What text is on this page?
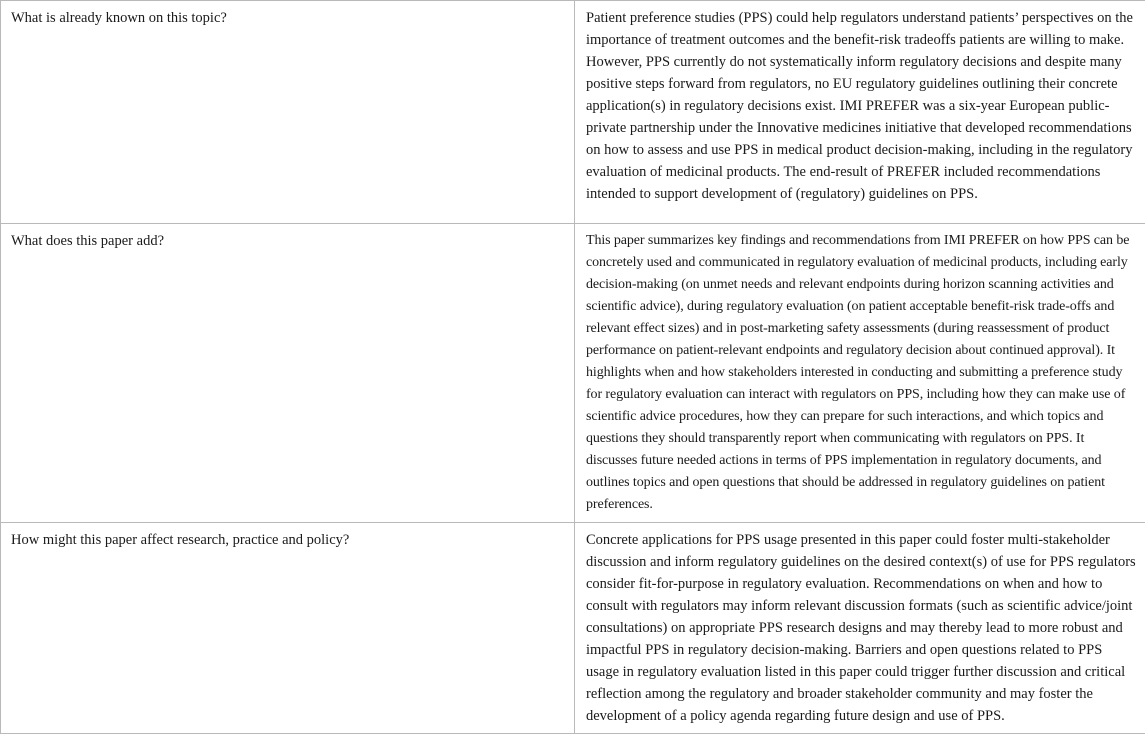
What is already known on this topic?	Patient preference studies (PPS) could help regulators understand patients’ perspectives on the importance of treatment outcomes and the benefit-risk tradeoffs patients are willing to make. However, PPS currently do not systematically inform regulatory decisions and despite many positive steps forward from regulators, no EU regulatory guidelines outlining their concrete application(s) in regulatory decisions exist. IMI PREFER was a six-year European public-private partnership under the Innovative medicines initiative that developed recommendations on how to assess and use PPS in medical product decision-making, including in the regulatory evaluation of medicinal products. The end-result of PREFER included recommendations intended to support development of (regulatory) guidelines on PPS.

What does this paper add?	This paper summarizes key findings and recommendations from IMI PREFER on how PPS can be concretely used and communicated in regulatory evaluation of medicinal products, including early decision-making (on unmet needs and relevant endpoints during horizon scanning activities and scientific advice), during regulatory evaluation (on patient acceptable benefit-risk trade-offs and relevant effect sizes) and in post-marketing safety assessments (during reassessment of product performance on patient-relevant endpoints and regulatory decision about continued approval). It highlights when and how stakeholders interested in conducting and submitting a preference study for regulatory evaluation can interact with regulators on PPS, including how they can make use of scientific advice procedures, how they can prepare for such interactions, and which topics and questions they should transparently report when communicating with regulators on PPS. It discusses future needed actions in terms of PPS implementation in regulatory documents, and outlines topics and open questions that should be addressed in regulatory guidelines on patient preferences.

How might this paper affect research, practice and policy?	Concrete applications for PPS usage presented in this paper could foster multi-stakeholder discussion and inform regulatory guidelines on the desired context(s) of use for PPS regulators consider fit-for-purpose in regulatory evaluation. Recommendations on when and how to consult with regulators may inform relevant discussion formats (such as scientific advice/joint consultations) on appropriate PPS research designs and may thereby lead to more robust and impactful PPS in regulatory decision-making. Barriers and open questions related to PPS usage in regulatory evaluation listed in this paper could trigger further discussion and critical reflection among the regulatory and broader stakeholder community and may foster the development of a policy agenda regarding future design and use of PPS.
